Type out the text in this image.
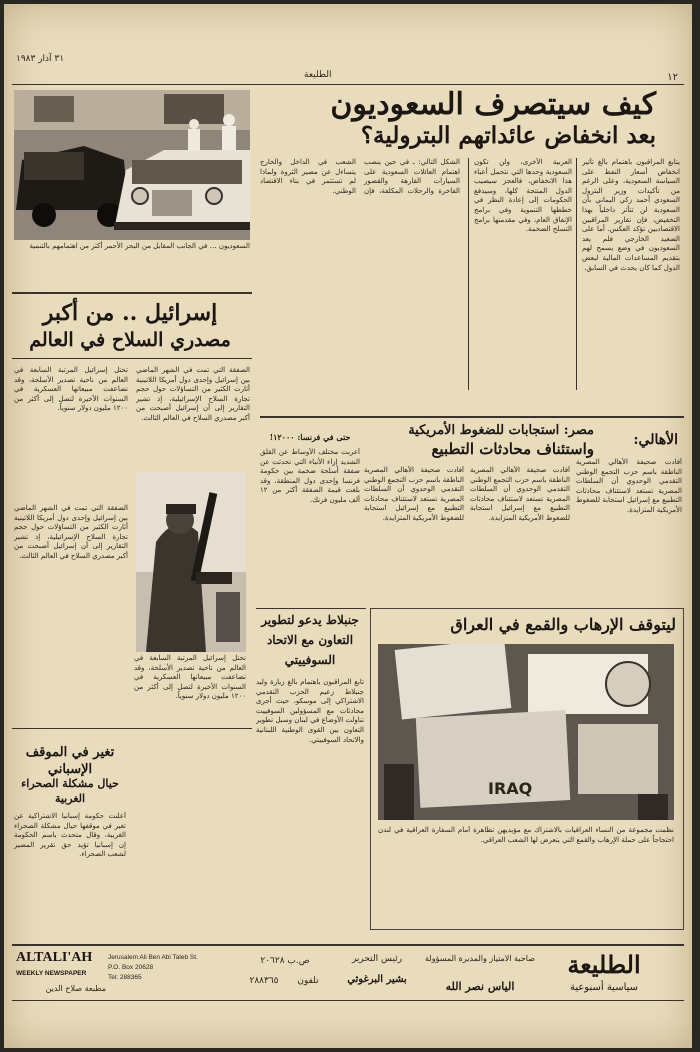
٣١ آذار ١٩٨٣
الطليعة	١٢
السعوديون … في الجانب المقابل من البحر الأحمر أكثر من اهتمامهم بالتنمية
كيف سيتصرف السعوديون
بعد انخفاض عائداتهم البترولية؟
يتابع المراقبون باهتمام بالغ تأثير انخفاض أسعار النفط على السياسة السعودية، وعلى الرغم من تأكيدات وزير البترول السعودي أحمد زكي اليماني بأن السعودية لن تتأثر داخلياً بهذا التخفيض، فإن تقارير المراقبين الاقتصاديين تؤكد العكس. أما على الصعيد الخارجي فلم يعد السعوديون في وضع يسمح لهم بتقديم المساعدات المالية لبعض الدول كما كان يحدث في السابق.
العربية الأخرى، ولن تكون السعودية وحدها التي تتحمل أعباء هذا الانخفاض، فالعجز سيصيب الدول المنتجة كلها، وسيدفع الحكومات إلى إعادة النظر في خططها التنموية وفي برامج الإنفاق العام، وفي مقدمتها برامج التسلح الضخمة.
الشكل التالي: ـ في حين ينصب اهتمام العائلات السعودية على السيارات الفارهة والقصور الفاخرة والرحلات المكلفة، فإن الشعب في الداخل والخارج يتساءل عن مصير الثروة ولماذا لم تستثمر في بناء الاقتصاد الوطني.
إسرائيل .. من أكبر
مصدري السلاح في العالم
الصفقة التي تمت في الشهر الماضي بين إسرائيل وإحدى دول أمريكا اللاتينية أثارت الكثير من التساؤلات حول حجم تجارة السلاح الإسرائيلية، إذ تشير التقارير إلى أن إسرائيل أصبحت من أكبر مصدري السلاح في العالم الثالث.
تحتل إسرائيل المرتبة السابعة في العالم من ناحية تصدير الأسلحة، وقد تضاعفت مبيعاتها العسكرية في السنوات الأخيرة لتصل إلى أكثر من ١٢٠٠ مليون دولار سنوياً.
الصفقة التي تمت في الشهر الماضي بين إسرائيل وإحدى دول أمريكا اللاتينية أثارت الكثير من التساؤلات حول حجم تجارة السلاح الإسرائيلية، إذ تشير التقارير إلى أن إسرائيل أصبحت من أكبر مصدري السلاح في العالم الثالث.
تغير في الموقف الإسباني
حيال مشكلة الصحراء الغربية
أعلنت حكومة إسبانيا الاشتراكية عن تغير في موقفها حيال مشكلة الصحراء الغربية، وقال متحدث باسم الحكومة إن إسبانيا تؤيد حق تقرير المصير لشعب الصحراء.
تحتل إسرائيل المرتبة السابعة في العالم من ناحية تصدير الأسلحة، وقد تضاعفت مبيعاتها العسكرية في السنوات الأخيرة لتصل إلى أكثر من ١٢٠٠ مليون دولار سنوياً.
مصر: استجابات للضغوط الأمريكية
واستئناف محادثات التطبيع	الأهالي:
أفادت صحيفة الأهالي المصرية الناطقة باسم حزب التجمع الوطني التقدمي الوحدوي أن السلطات المصرية تستعد لاستئناف محادثات التطبيع مع إسرائيل استجابة للضغوط الأمريكية المتزايدة.
أفادت صحيفة الأهالي المصرية الناطقة باسم حزب التجمع الوطني التقدمي الوحدوي أن السلطات المصرية تستعد لاستئناف محادثات التطبيع مع إسرائيل استجابة للضغوط الأمريكية المتزايدة.
أفادت صحيفة الأهالي المصرية الناطقة باسم حزب التجمع الوطني التقدمي الوحدوي أن السلطات المصرية تستعد لاستئناف محادثات التطبيع مع إسرائيل استجابة للضغوط الأمريكية المتزايدة.
حتى في فرنسا: ١٢٠٠٠!
أعربت مختلف الأوساط عن القلق الشديد إزاء الأنباء التي تحدثت عن صفقة أسلحة ضخمة بين حكومة فرنسا وإحدى دول المنطقة، وقد بلغت قيمة الصفقة أكثر من ١٢ ألف مليون فرنك.
جنبلاط يدعو لتطوير
التعاون مع الاتحاد
السوفييتي
تابع المراقبون باهتمام بالغ زيارة وليد جنبلاط زعيم الحزب التقدمي الاشتراكي إلى موسكو، حيث أجرى محادثات مع المسؤولين السوفييت تناولت الأوضاع في لبنان وسبل تطوير التعاون بين القوى الوطنية اللبنانية والاتحاد السوفييتي.
ليتوقف الإرهاب والقمع في العراق
IRAQ
نظمت مجموعة من النساء العراقيات بالاشتراك مع مؤيديهن تظاهرة أمام السفارة العراقية في لندن احتجاجاً على حملة الإرهاب والقمع التي يتعرض لها الشعب العراقي.
الطليعة
سياسية أسبوعية
صاحبة الامتياز والمديرة المسؤولة
الياس نصر الله
رئيس التحرير
بشير البرغوثي
ص.ب ٢٠٦٢٨
تلفون
٢٨٨٣٦٥
Jerusalem Ali Ben Abi Taleb St.
P.O. Box 20628
Tel: 288365
ALTALI'AH
WEEKLY NEWSPAPER
مطبعة صلاح الدين
